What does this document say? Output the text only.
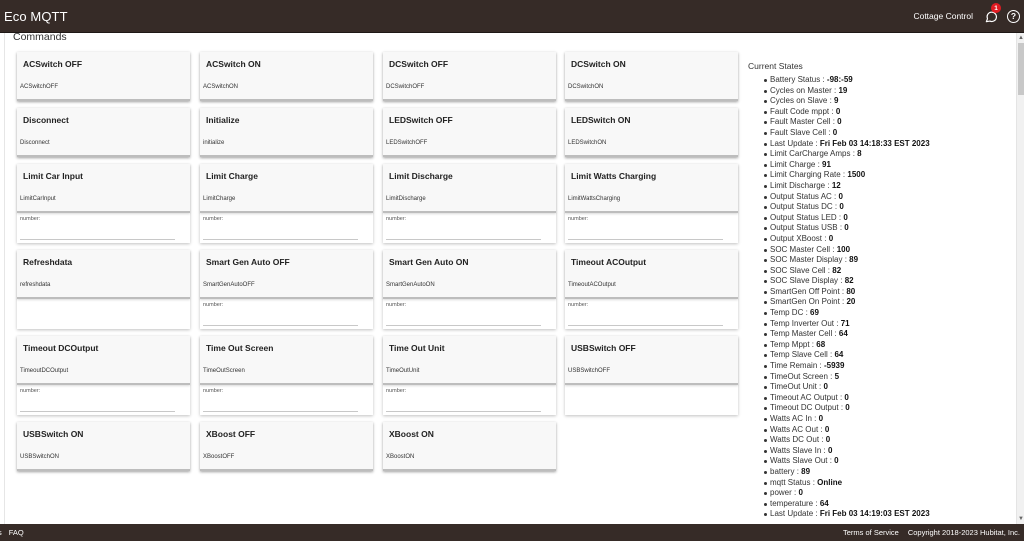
Eco MQTT	Cottage Control
1
?
Commands
ACSwitch OFF
ACSwitchOFF
ACSwitch ON
ACSwitchON
DCSwitch OFF
DCSwitchOFF
DCSwitch ON
DCSwitchON
Disconnect
Disconnect
Initialize
initialize
LEDSwitch OFF
LEDSwitchOFF
LEDSwitch ON
LEDSwitchON
Limit Car Input
LimitCarInput
number:
Limit Charge
LimitCharge
number:
Limit Discharge
LimitDischarge
number:
Limit Watts Charging
LimitWattsCharging
number:
Refreshdata
refreshdata
Smart Gen Auto OFF
SmartGenAutoOFF
number:
Smart Gen Auto ON
SmartGenAutoON
number:
Timeout ACOutput
TimeoutACOutput
number:
Timeout DCOutput
TimeoutDCOutput
number:
Time Out Screen
TimeOutScreen
number:
Time Out Unit
TimeOutUnit
number:
USBSwitch OFF
USBSwitchOFF
USBSwitch ON
USBSwitchON
XBoost OFF
XBoostOFF
XBoost ON
XBoostON
Current States
Battery Status : -98:-59
Cycles on Master : 19
Cycles on Slave : 9
Fault Code mppt : 0
Fault Master Cell : 0
Fault Slave Cell : 0
Last Update : Fri Feb 03 14:18:33 EST 2023
Limit CarCharge Amps : 8
Limit Charge : 91
Limit Charging Rate : 1500
Limit Discharge : 12
Output Status AC : 0
Output Status DC : 0
Output Status LED : 0
Output Status USB : 0
Output XBoost : 0
SOC Master Cell : 100
SOC Master Display : 89
SOC Slave Cell : 82
SOC Slave Display : 82
SmartGen Off Point : 80
SmartGen On Point : 20
Temp DC : 69
Temp Inverter Out : 71
Temp Master Cell : 64
Temp Mppt : 68
Temp Slave Cell : 64
Time Remain : -5939
TimeOut Screen : 5
TimeOut Unit : 0
Timeout AC Output : 0
Timeout DC Output : 0
Watts AC In : 0
Watts AC Out : 0
Watts DC Out : 0
Watts Slave In : 0
Watts Slave Out : 0
battery : 89
mqtt Status : Online
power : 0
temperature : 64
Last Update : Fri Feb 03 14:19:03 EST 2023
▲
▼
FAQ	Terms of Service Copyright 2018-2023 Hubitat, Inc.
